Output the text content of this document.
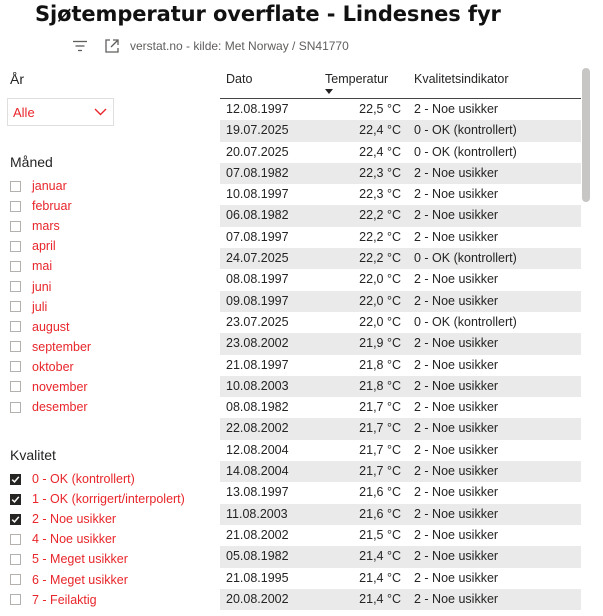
Sjøtemperatur overflate - Lindesnes fyr
verstat.no - kilde: Met Norway / SN41770
År
Alle
Måned
januar
februar
mars
april
mai
juni
juli
august
september
oktober
november
desember
Kvalitet
0 - OK (kontrollert)
1 - OK (korrigert/interpolert)
2 - Noe usikker
4 - Noe usikker
5 - Meget usikker
6 - Meget usikker
7 - Feilaktig
Dato	Temperatur Kvalitetsindikator
12.08.1997	22,5 °C 2 - Noe usikker
19.07.2025	22,4 °C 0 - OK (kontrollert)
20.07.2025	22,4 °C 0 - OK (kontrollert)
07.08.1982	22,3 °C 2 - Noe usikker
10.08.1997	22,3 °C 2 - Noe usikker
06.08.1982	22,2 °C 2 - Noe usikker
07.08.1997	22,2 °C 2 - Noe usikker
24.07.2025	22,2 °C 0 - OK (kontrollert)
08.08.1997	22,0 °C 2 - Noe usikker
09.08.1997	22,0 °C 2 - Noe usikker
23.07.2025	22,0 °C 0 - OK (kontrollert)
23.08.2002	21,9 °C 2 - Noe usikker
21.08.1997	21,8 °C 2 - Noe usikker
10.08.2003	21,8 °C 2 - Noe usikker
08.08.1982	21,7 °C 2 - Noe usikker
22.08.2002	21,7 °C 2 - Noe usikker
12.08.2004	21,7 °C 2 - Noe usikker
14.08.2004	21,7 °C 2 - Noe usikker
13.08.1997	21,6 °C 2 - Noe usikker
11.08.2003	21,6 °C 2 - Noe usikker
21.08.2002	21,5 °C 2 - Noe usikker
05.08.1982	21,4 °C 2 - Noe usikker
21.08.1995	21,4 °C 2 - Noe usikker
20.08.2002	21,4 °C 2 - Noe usikker
